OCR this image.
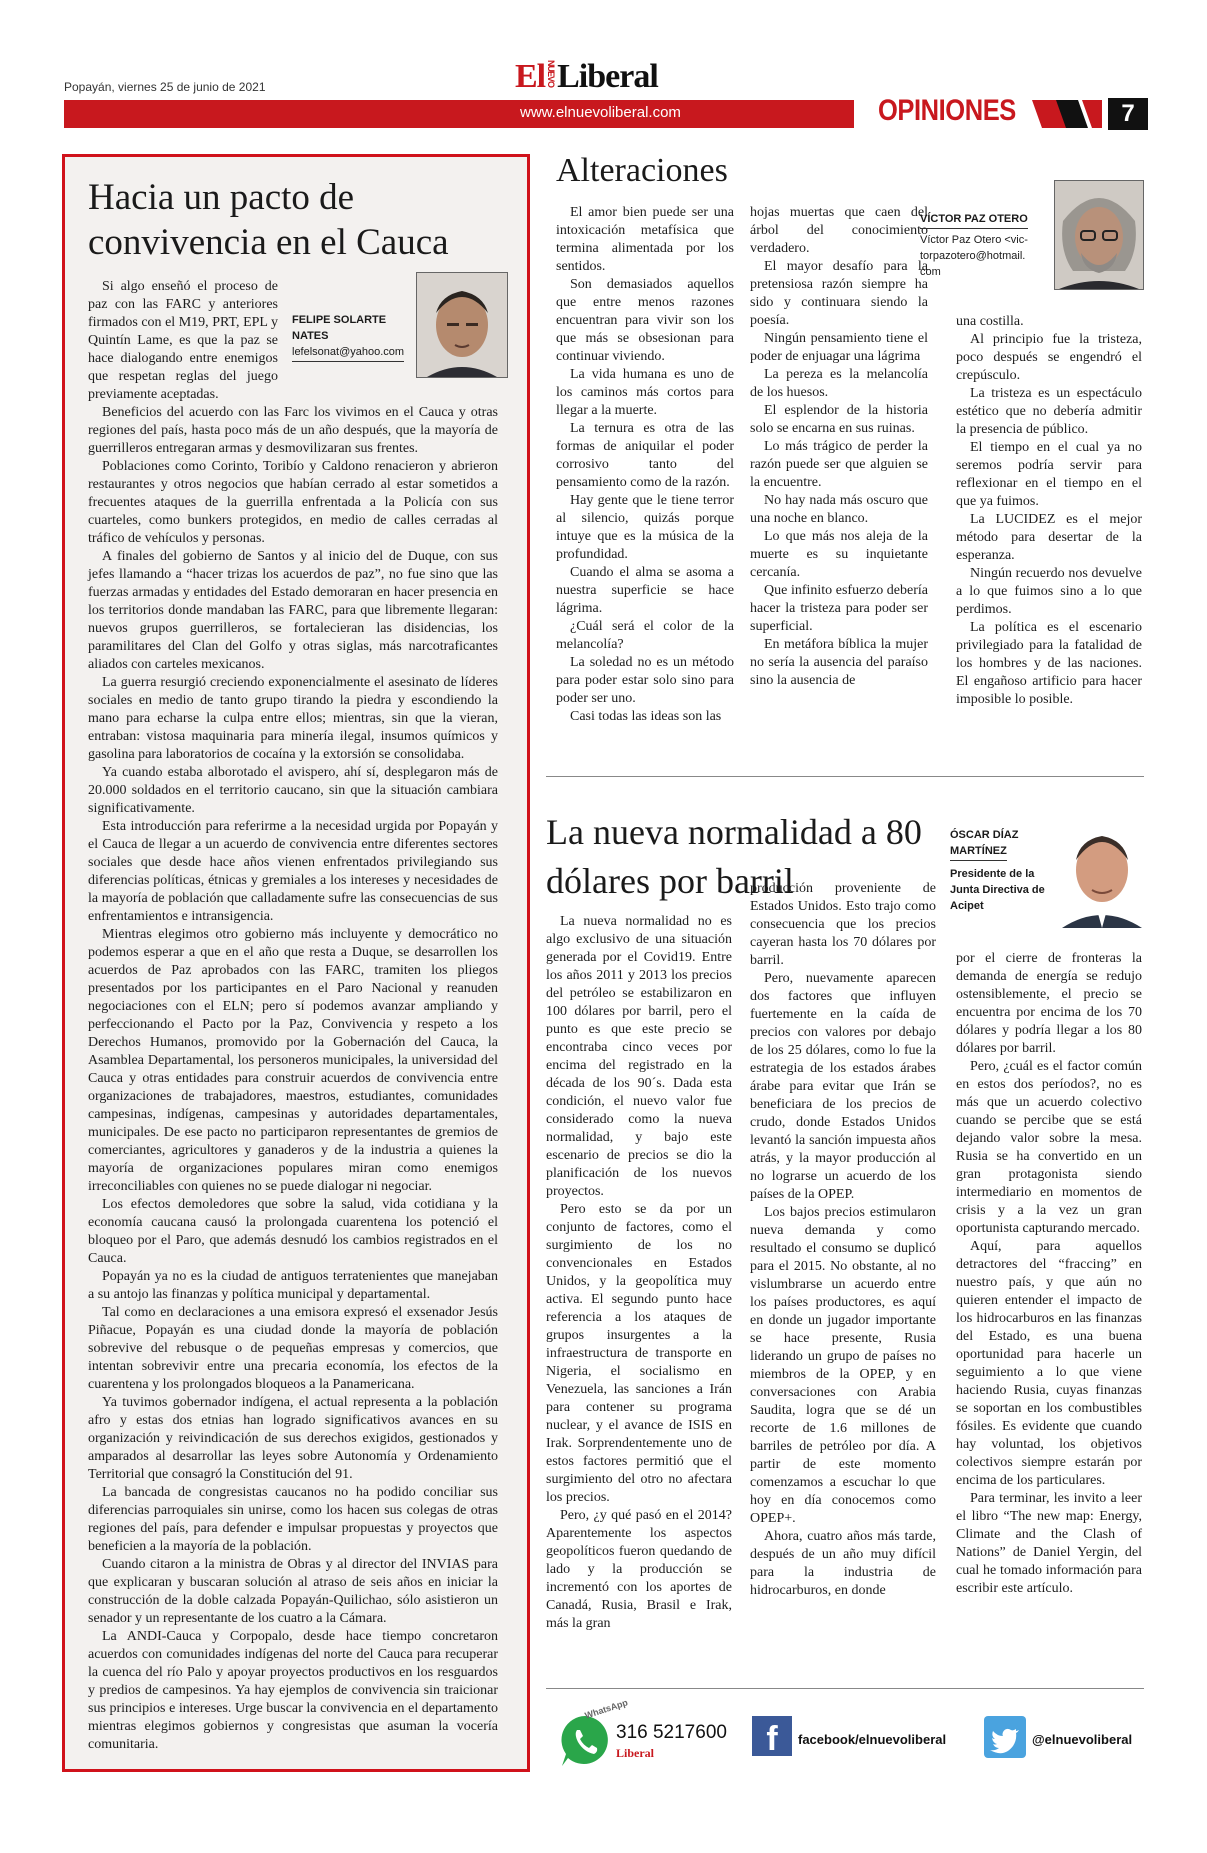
Popayán, viernes 25 de junio de 2021	ElNUEVOLiberal
www.elnuevoliberal.com	OPINIONES	7
Hacia un pacto de convivencia en el Cauca

Si algo enseñó el proceso de paz con las FARC y anteriores firmados con el M19, PRT, EPL y Quintín Lame, es que la paz se hace dialogando entre enemigos que respetan reglas del juego previamente aceptadas.

FELIPE SOLARTE NATES
lefelsonat@yahoo.com

Beneficios del acuerdo con las Farc los vivimos en el Cauca y otras regiones del país, hasta poco más de un año después, que la mayoría de guerrilleros entregaran armas y desmovilizaran sus frentes.

Poblaciones como Corinto, Toribío y Caldono renacieron y abrieron restaurantes y otros negocios que habían cerrado al estar sometidos a frecuentes ataques de la guerrilla enfrentada a la Policía con sus cuarteles, como bunkers protegidos, en medio de calles cerradas al tráfico de vehículos y personas.

A finales del gobierno de Santos y al inicio del de Duque, con sus jefes llamando a “hacer trizas los acuerdos de paz”, no fue sino que las fuerzas armadas y entidades del Estado demoraran en hacer presencia en los territorios donde mandaban las FARC, para que libremente llegaran: nuevos grupos guerrilleros, se fortalecieran las disidencias, los paramilitares del Clan del Golfo y otras siglas, más narcotraficantes aliados con carteles mexicanos.

La guerra resurgió creciendo exponencialmente el asesinato de líderes sociales en medio de tanto grupo tirando la piedra y escondiendo la mano para echarse la culpa entre ellos; mientras, sin que la vieran, entraban: vistosa maquinaria para minería ilegal, insumos químicos y gasolina para laboratorios de cocaína y la extorsión se consolidaba.

Ya cuando estaba alborotado el avispero, ahí sí, desplegaron más de 20.000 soldados en el territorio caucano, sin que la situación cambiara significativamente.

Esta introducción para referirme a la necesidad urgida por Popayán y el Cauca de llegar a un acuerdo de convivencia entre diferentes sectores sociales que desde hace años vienen enfrentados privilegiando sus diferencias políticas, étnicas y gremiales a los intereses y necesidades de la mayoría de población que calladamente sufre las consecuencias de sus enfrentamientos e intransigencia.

Mientras elegimos otro gobierno más incluyente y democrático no podemos esperar a que en el año que resta a Duque, se desarrollen los acuerdos de Paz aprobados con las FARC, tramiten los pliegos presentados por los participantes en el Paro Nacional y reanuden negociaciones con el ELN; pero sí podemos avanzar ampliando y perfeccionando el Pacto por la Paz, Convivencia y respeto a los Derechos Humanos, promovido por la Gobernación del Cauca, la Asamblea Departamental, los personeros municipales, la universidad del Cauca y otras entidades para construir acuerdos de convivencia entre organizaciones de trabajadores, maestros, estudiantes, comunidades campesinas, indígenas, campesinas y autoridades departamentales, municipales. De ese pacto no participaron representantes de gremios de comerciantes, agricultores y ganaderos y de la industria a quienes la mayoría de organizaciones populares miran como enemigos irreconciliables con quienes no se puede dialogar ni negociar.

Los efectos demoledores que sobre la salud, vida cotidiana y la economía caucana causó la prolongada cuarentena los potenció el bloqueo por el Paro, que además desnudó los cambios registrados en el Cauca.

Popayán ya no es la ciudad de antiguos terratenientes que manejaban a su antojo las finanzas y política municipal y departamental.

Tal como en declaraciones a una emisora expresó el exsenador Jesús Piñacue, Popayán es una ciudad donde la mayoría de población sobrevive del rebusque o de pequeñas empresas y comercios, que intentan sobrevivir entre una precaria economía, los efectos de la cuarentena y los prolongados bloqueos a la Panamericana.

Ya tuvimos gobernador indígena, el actual representa a la población afro y estas dos etnias han logrado significativos avances en su organización y reivindicación de sus derechos exigidos, gestionados y amparados al desarrollar las leyes sobre Autonomía y Ordenamiento Territorial que consagró la Constitución del 91.

La bancada de congresistas caucanos no ha podido conciliar sus diferencias parroquiales sin unirse, como los hacen sus colegas de otras regiones del país, para defender e impulsar propuestas y proyectos que beneficien a la mayoría de la población.

Cuando citaron a la ministra de Obras y al director del INVIAS para que explicaran y buscaran solución al atraso de seis años en iniciar la construcción de la doble calzada Popayán-Quilichao, sólo asistieron un senador y un representante de los cuatro a la Cámara.

La ANDI-Cauca y Corpopalo, desde hace tiempo concretaron acuerdos con comunidades indígenas del norte del Cauca para recuperar la cuenca del río Palo y apoyar proyectos productivos en los resguardos y predios de campesinos. Ya hay ejemplos de convivencia sin traicionar sus principios e intereses. Urge buscar la convivencia en el departamento mientras elegimos gobiernos y congresistas que asuman la vocería comunitaria.

Alteraciones

El amor bien puede ser una intoxicación metafísica que termina alimentada por los sentidos.

Son demasiados aquellos que entre menos razones encuentran para vivir son los que más se obsesionan para continuar viviendo.

La vida humana es uno de los caminos más cortos para llegar a la muerte.

La ternura es otra de las formas de aniquilar el poder corrosivo tanto del pensamiento como de la razón.

Hay gente que le tiene terror al silencio, quizás porque intuye que es la música de la profundidad.

Cuando el alma se asoma a nuestra superficie se hace lágrima.

¿Cuál será el color de la melancolía?

La soledad no es un método para poder estar solo sino para poder ser uno.

Casi todas las ideas son las

hojas muertas que caen del árbol del conocimiento verdadero.

El mayor desafío para la pretensiosa razón siempre ha sido y continuara siendo la poesía.

Ningún pensamiento tiene el poder de enjuagar una lágrima

La pereza es la melancolía de los huesos.

El esplendor de la historia solo se encarna en sus ruinas.

Lo más trágico de perder la razón puede ser que alguien se la encuentre.

No hay nada más oscuro que una noche en blanco.

Lo que más nos aleja de la muerte es su inquietante cercanía.

Que infinito esfuerzo debería hacer la tristeza para poder ser superficial.

En metáfora bíblica la mujer no sería la ausencia del paraíso sino la ausencia de

VÍCTOR PAZ OTERO
Víctor Paz Otero <vic-
torpazotero@hotmail.
com

una costilla.

Al principio fue la tristeza, poco después se engendró el crepúsculo.

La tristeza es un espectáculo estético que no debería admitir la presencia de público.

El tiempo en el cual ya no seremos podría servir para reflexionar en el tiempo en el que ya fuimos.

La LUCIDEZ es el mejor método para desertar de la esperanza.

Ningún recuerdo nos devuelve a lo que fuimos sino a lo que perdimos.

La política es el escenario privilegiado para la fatalidad de los hombres y de las naciones. El engañoso artificio para hacer imposible lo posible.

La nueva normalidad a 80 dólares por barril
ÓSCAR DÍAZ
MARTÍNEZ
Presidente de la Junta Directiva de Acipet

La nueva normalidad no es algo exclusivo de una situación generada por el Covid19. Entre los años 2011 y 2013 los precios del petróleo se estabilizaron en 100 dólares por barril, pero el punto es que este precio se encontraba cinco veces por encima del registrado en la década de los 90´s. Dada esta condición, el nuevo valor fue considerado como la nueva normalidad, y bajo este escenario de precios se dio la planificación de los nuevos proyectos.

Pero esto se da por un conjunto de factores, como el surgimiento de los no convencionales en Estados Unidos, y la geopolítica muy activa. El segundo punto hace referencia a los ataques de grupos insurgentes a la infraestructura de transporte en Nigeria, el socialismo en Venezuela, las sanciones a Irán para contener su programa nuclear, y el avance de ISIS en Irak. Sorprendentemente uno de estos factores permitió que el surgimiento del otro no afectara los precios.

Pero, ¿y qué pasó en el 2014? Aparentemente los aspectos geopolíticos fueron quedando de lado y la producción se incrementó con los aportes de Canadá, Rusia, Brasil e Irak, más la gran

producción proveniente de Estados Unidos. Esto trajo como consecuencia que los precios cayeran hasta los 70 dólares por barril.

Pero, nuevamente aparecen dos factores que influyen fuertemente en la caída de precios con valores por debajo de los 25 dólares, como lo fue la estrategia de los estados árabes árabe para evitar que Irán se beneficiara de los precios de crudo, donde Estados Unidos levantó la sanción impuesta años atrás, y la mayor producción al no lograrse un acuerdo de los países de la OPEP.

Los bajos precios estimularon nueva demanda y como resultado el consumo se duplicó para el 2015. No obstante, al no vislumbrarse un acuerdo entre los países productores, es aquí en donde un jugador importante se hace presente, Rusia liderando un grupo de países no miembros de la OPEP, y en conversaciones con Arabia Saudita, logra que se dé un recorte de 1.6 millones de barriles de petróleo por día. A partir de este momento comenzamos a escuchar lo que hoy en día conocemos como OPEP+.

Ahora, cuatro años más tarde, después de un año muy difícil para la industria de hidrocarburos, en donde

por el cierre de fronteras la demanda de energía se redujo ostensiblemente, el precio se encuentra por encima de los 70 dólares y podría llegar a los 80 dólares por barril.

Pero, ¿cuál es el factor común en estos dos períodos?, no es más que un acuerdo colectivo cuando se percibe que se está dejando valor sobre la mesa. Rusia se ha convertido en un gran protagonista siendo intermediario en momentos de crisis y a la vez un gran oportunista capturando mercado.

Aquí, para aquellos detractores del “fraccing” en nuestro país, y que aún no quieren entender el impacto de los hidrocarburos en las finanzas del Estado, es una buena oportunidad para hacerle un seguimiento a lo que viene haciendo Rusia, cuyas finanzas se soportan en los combustibles fósiles. Es evidente que cuando hay voluntad, los objetivos colectivos siempre estarán por encima de los particulares.

Para terminar, les invito a leer el libro “The new map: Energy, Climate and the Clash of Nations” de Daniel Yergin, del cual he tomado información para escribir este artículo.

WhatsApp
316 5217600
Liberal	f	facebook/elnuevoliberal	@elnuevoliberal
